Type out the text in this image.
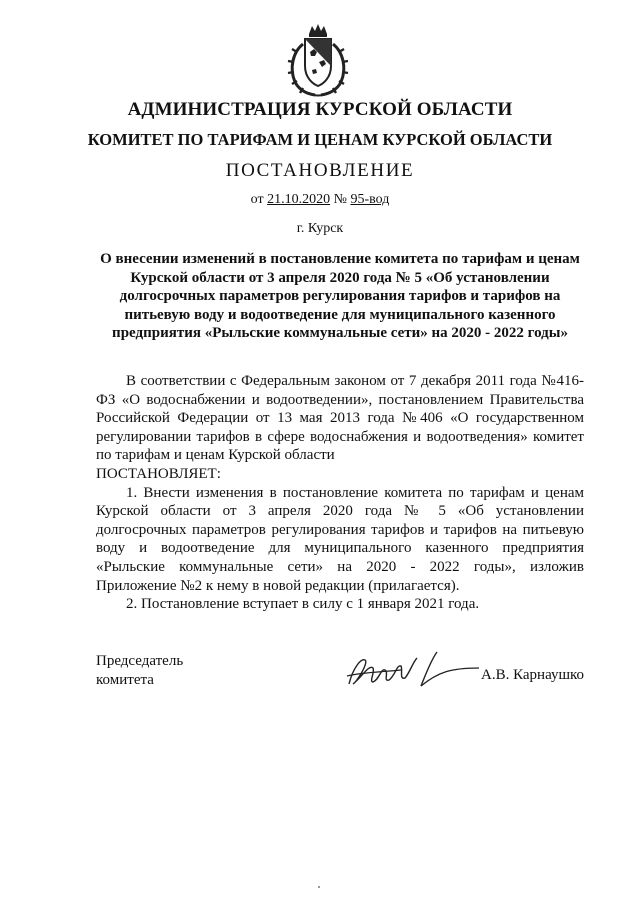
АДМИНИСТРАЦИЯ КУРСКОЙ ОБЛАСТИ
КОМИТЕТ ПО ТАРИФАМ И ЦЕНАМ КУРСКОЙ ОБЛАСТИ
ПОСТАНОВЛЕНИЕ
от 21.10.2020 № 95-вод
г. Курск
О внесении изменений в постановление комитета по тарифам и ценам
Курской области от 3 апреля 2020 года № 5 «Об установлении
долгосрочных параметров регулирования тарифов и тарифов на
питьевую воду и водоотведение для муниципального казенного
предприятия «Рыльские коммунальные сети» на 2020 - 2022 годы»

В соответствии с Федеральным законом от 7 декабря 2011 года №416-ФЗ «О водоснабжении и водоотведении», постановлением Правительства Российской Федерации от 13 мая 2013 года №406 «О государственном регулировании тарифов в сфере водоснабжения и водоотведения» комитет по тарифам и ценам Курской области

ПОСТАНОВЛЯЕТ:

1. Внести изменения в постановление комитета по тарифам и ценам Курской области от 3 апреля 2020 года № 5 «Об установлении долгосрочных параметров регулирования тарифов и тарифов на питьевую воду и водоотведение для муниципального казенного предприятия «Рыльские коммунальные сети» на 2020 - 2022 годы», изложив Приложение №2 к нему в новой редакции (прилагается).

2. Постановление вступает в силу с 1 января 2021 года.

Председатель
комитета	А.В. Карнаушко
